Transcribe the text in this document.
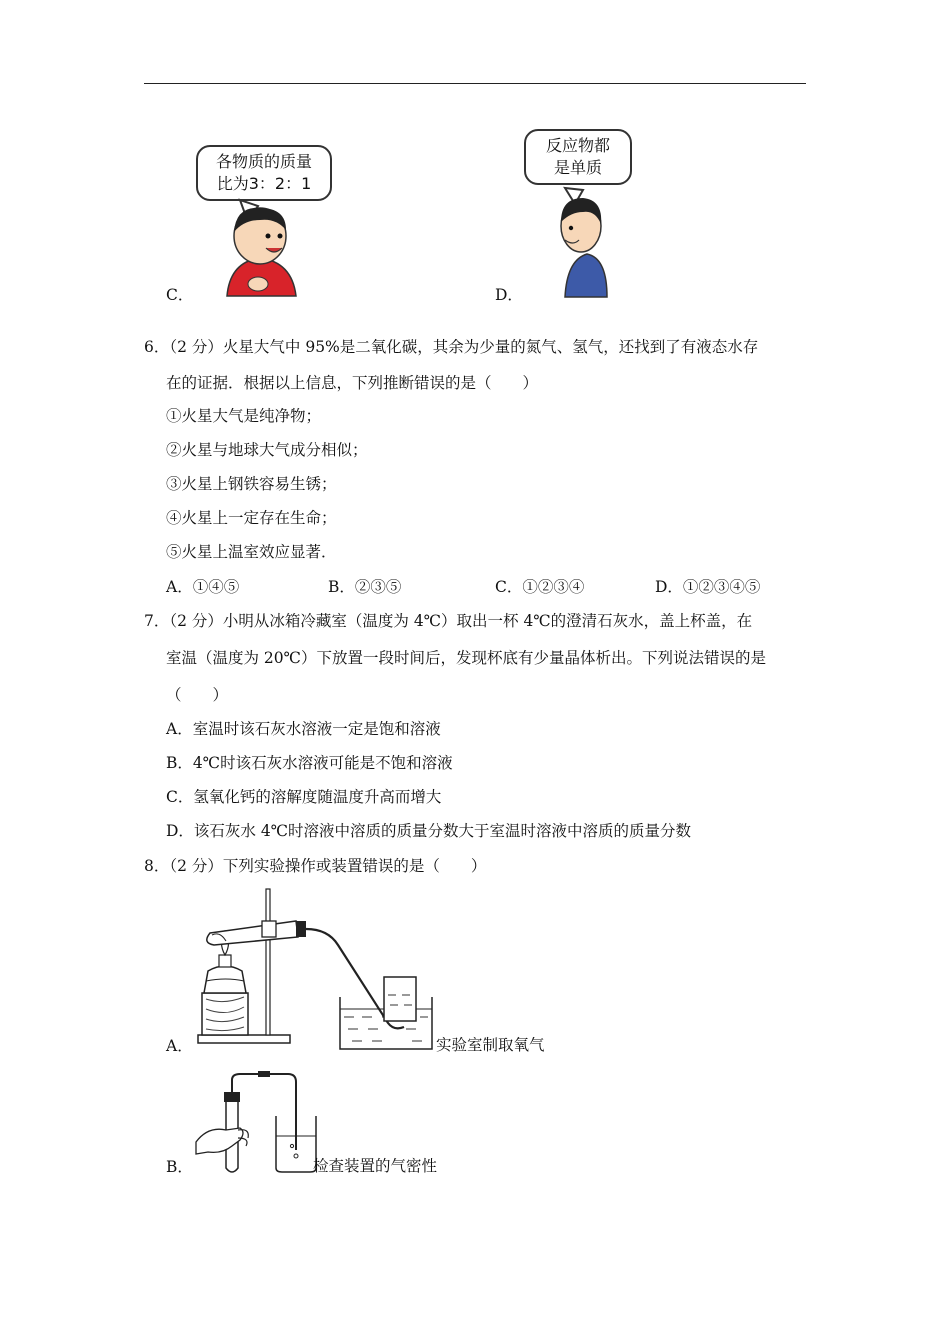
各物质的质量
比为3：2：1
C．
反应物都
是单质
D．
6．（2 分）火星大气中 95%是二氧化碳，其余为少量的氮气、氢气，还找到了有液态水存
在的证据．根据以上信息，下列推断错误的是（　　）
①火星大气是纯净物；
②火星与地球大气成分相似；
③火星上钢铁容易生锈；
④火星上一定存在生命；
⑤火星上温室效应显著．
A．①④⑤	B．②③⑤	C．①②③④	D．①②③④⑤
7．（2 分）小明从冰箱冷藏室（温度为 4℃）取出一杯 4℃的澄清石灰水，盖上杯盖，在
室温（温度为 20℃）下放置一段时间后，发现杯底有少量晶体析出。下列说法错误的是
（　　）
A．室温时该石灰水溶液一定是饱和溶液
B．4℃时该石灰水溶液可能是不饱和溶液
C．氢氧化钙的溶解度随温度升高而增大
D．该石灰水 4℃时溶液中溶质的质量分数大于室温时溶液中溶质的质量分数
8．（2 分）下列实验操作或装置错误的是（　　）
A．	实验室制取氧气
B．	检查装置的气密性
